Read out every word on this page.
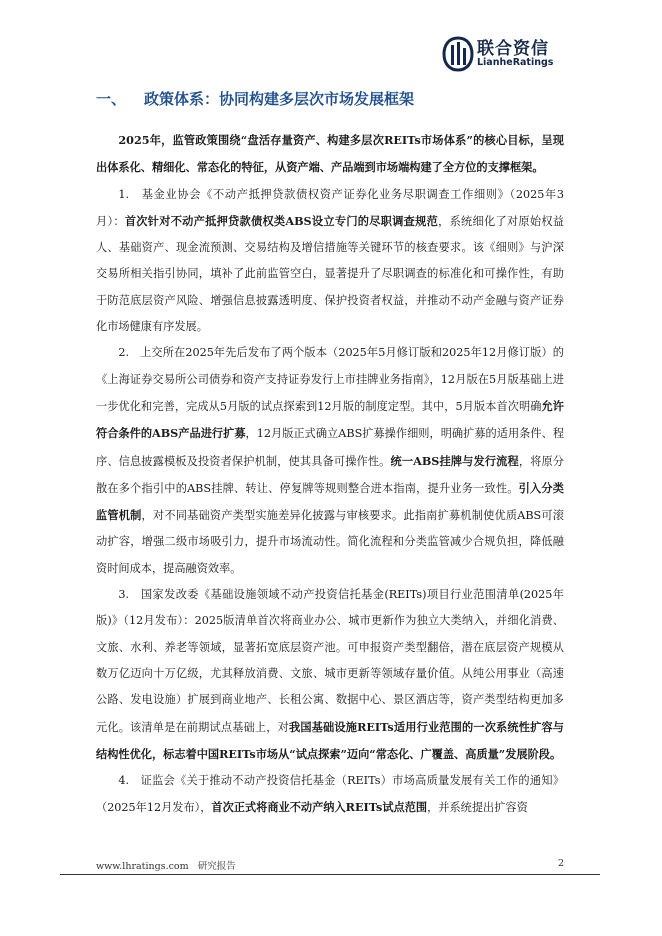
联合资信
LianheRatings
一、 政策体系：协同构建多层次市场发展框架

2025年，监管政策围绕“盘活存量资产、构建多层次REITs市场体系”的核心目标，呈现出体系化、精细化、常态化的特征，从资产端、产品端到市场端构建了全方位的支撑框架。

1. 基金业协会《不动产抵押贷款债权资产证券化业务尽职调查工作细则》（2025年3月）：首次针对不动产抵押贷款债权类ABS设立专门的尽职调查规范，系统细化了对原始权益人、基础资产、现金流预测、交易结构及增信措施等关键环节的核查要求。该《细则》与沪深交易所相关指引协同，填补了此前监管空白，显著提升了尽职调查的标准化和可操作性，有助于防范底层资产风险、增强信息披露透明度、保护投资者权益，并推动不动产金融与资产证券化市场健康有序发展。

2. 上交所在2025年先后发布了两个版本（2025年5月修订版和2025年12月修订版）的《上海证券交易所公司债券和资产支持证券发行上市挂牌业务指南》，12月版在5月版基础上进一步优化和完善，完成从5月版的试点探索到12月版的制度定型。其中，5月版本首次明确允许符合条件的ABS产品进行扩募，12月版正式确立ABS扩募操作细则，明确扩募的适用条件、程序、信息披露模板及投资者保护机制，使其具备可操作性。统一ABS挂牌与发行流程，将原分散在多个指引中的ABS挂牌、转让、停复牌等规则整合进本指南，提升业务一致性。引入分类监管机制，对不同基础资产类型实施差异化披露与审核要求。此指南扩募机制使优质ABS可滚动扩容，增强二级市场吸引力，提升市场流动性。简化流程和分类监管减少合规负担，降低融资时间成本，提高融资效率。

3. 国家发改委《基础设施领域不动产投资信托基金(REITs)项目行业范围清单(2025年版)》（12月发布）：2025版清单首次将商业办公、城市更新作为独立大类纳入，并细化消费、文旅、水利、养老等领域，显著拓宽底层资产池。可申报资产类型翻倍，潜在底层资产规模从数万亿迈向十万亿级，尤其释放消费、文旅、城市更新等领域存量价值。从纯公用事业（高速公路、发电设施）扩展到商业地产、长租公寓、数据中心、景区酒店等，资产类型结构更加多元化。该清单是在前期试点基础上，对我国基础设施REITs适用行业范围的一次系统性扩容与结构性优化，标志着中国REITs市场从“试点探索”迈向“常态化、广覆盖、高质量”发展阶段。

4. 证监会《关于推动不动产投资信托基金（REITs）市场高质量发展有关工作的通知》（2025年12月发布），首次正式将商业不动产纳入REITs试点范围，并系统提出扩容资

www.lhratings.com 研究报告	2
